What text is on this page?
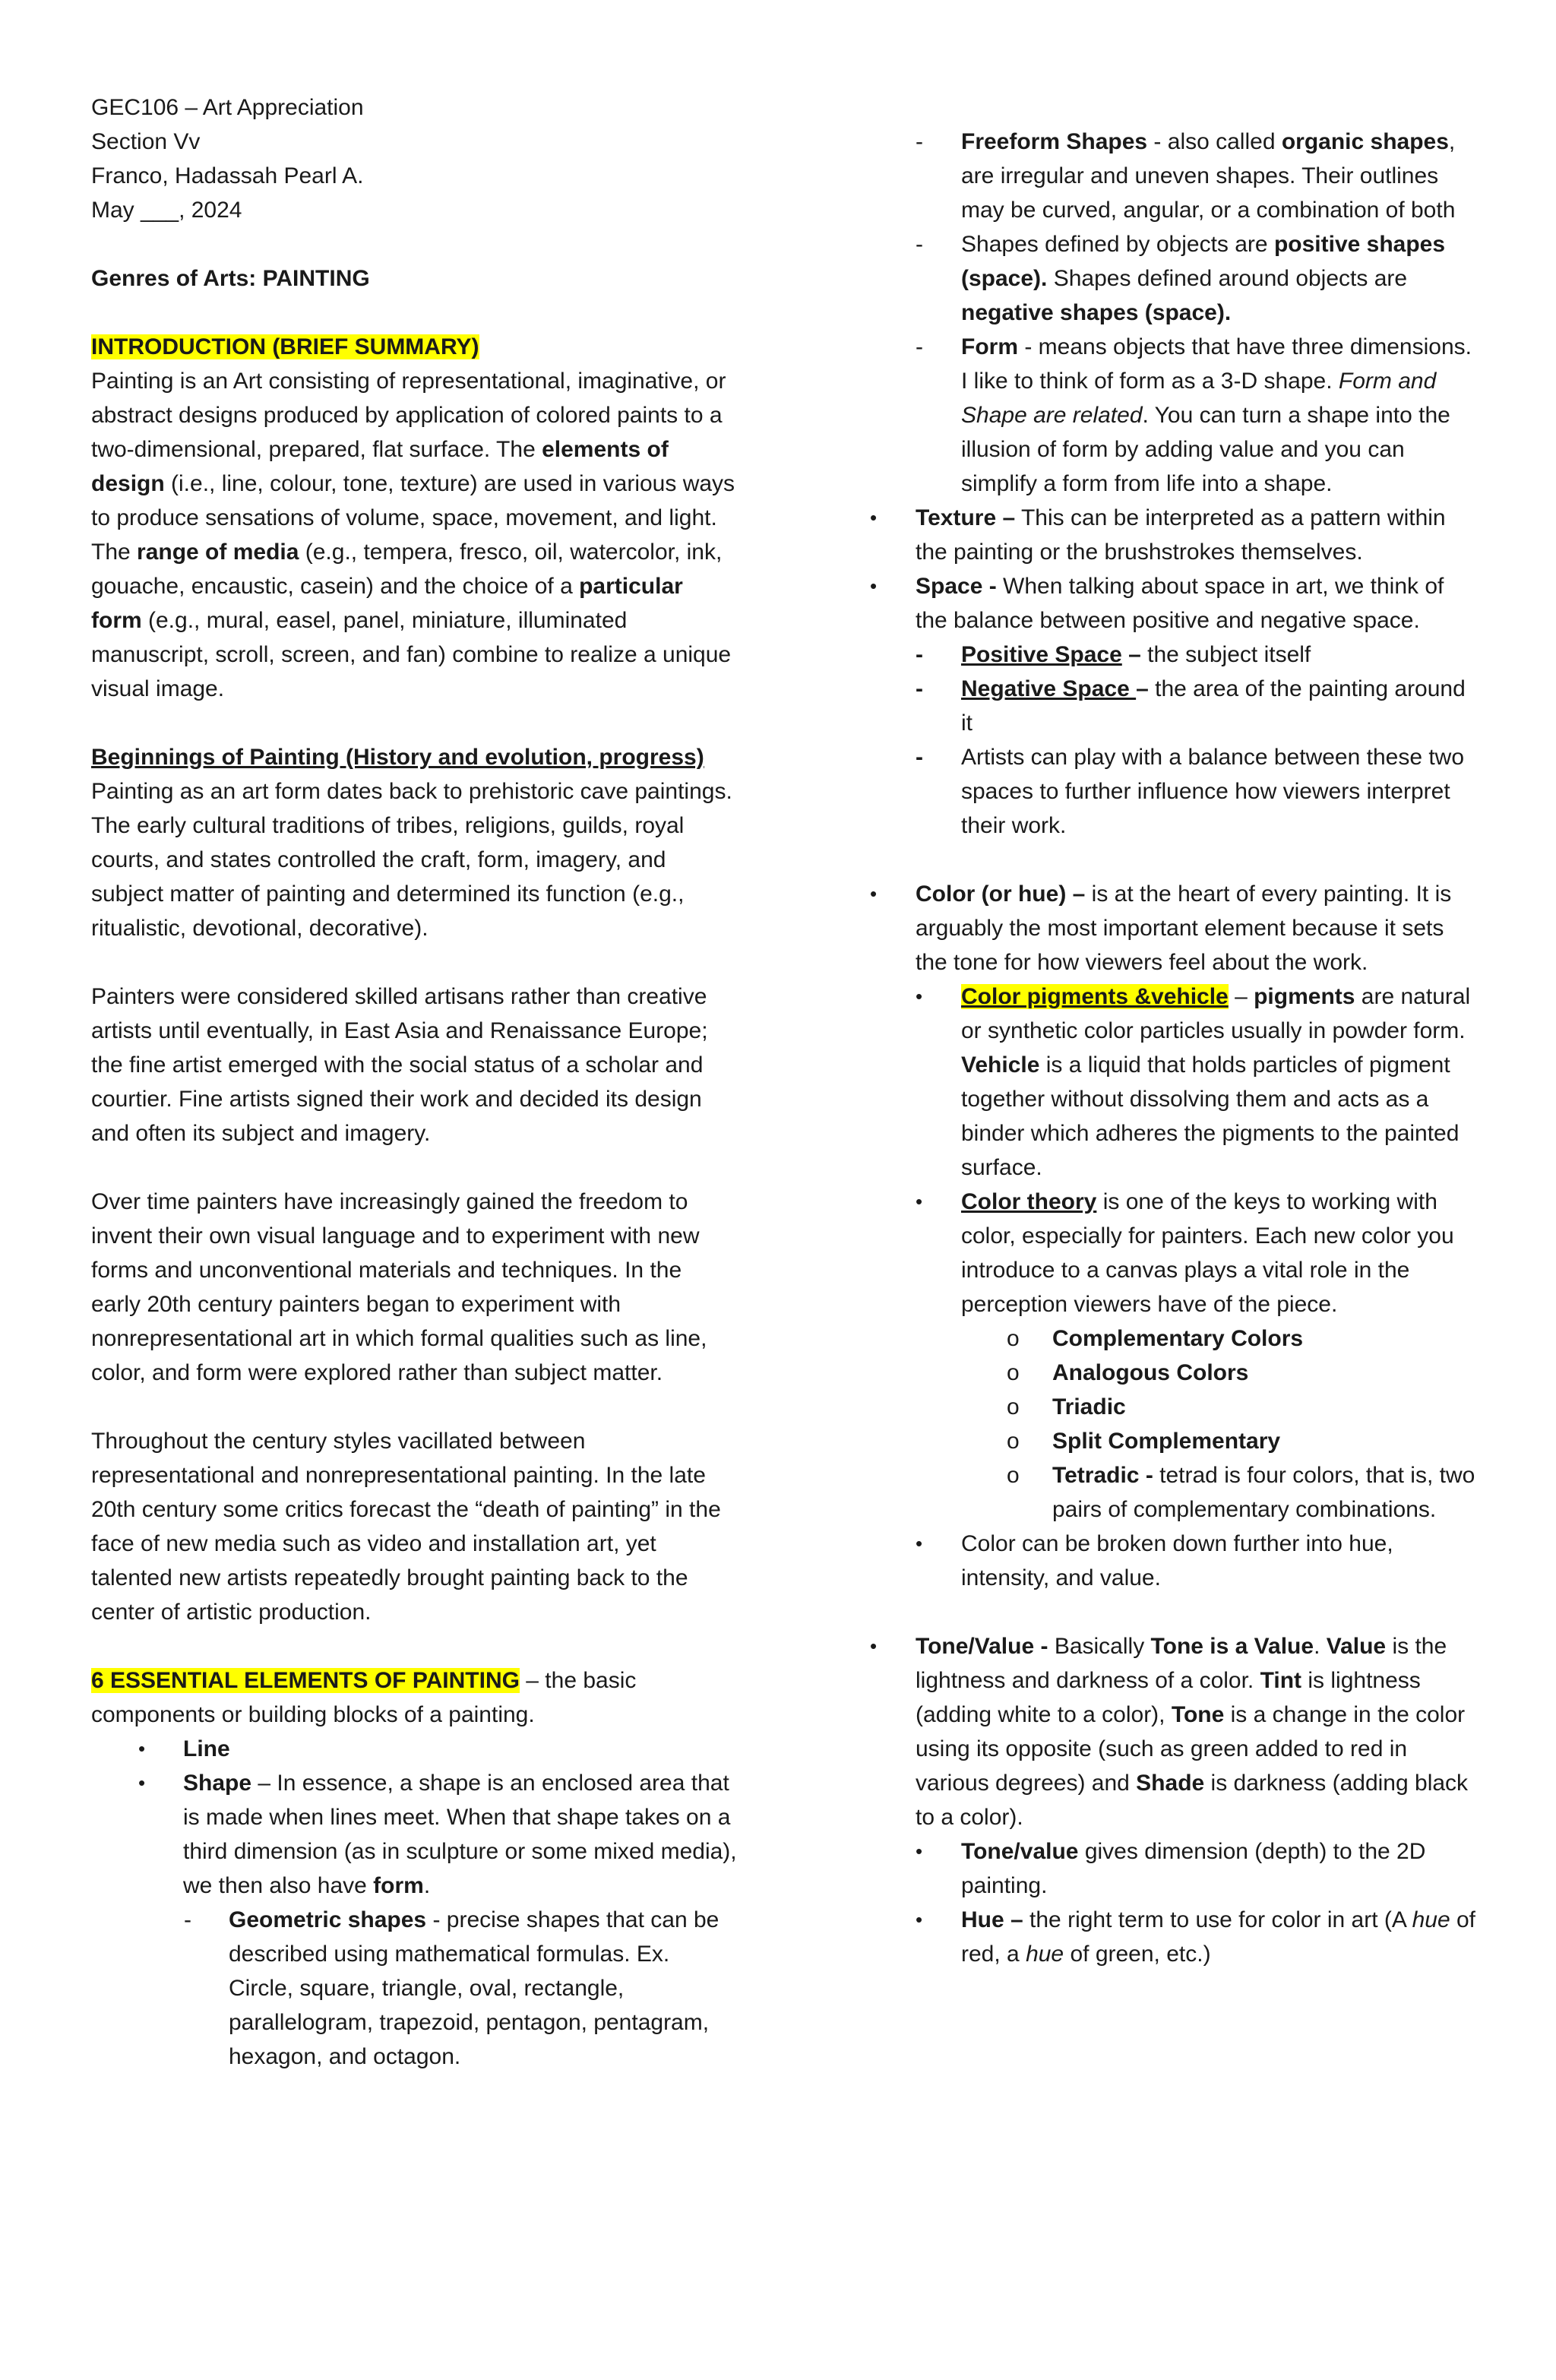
GEC106 – Art Appreciation

Section Vv

Franco, Hadassah Pearl A.

May ___, 2024

Genres of Arts: PAINTING

INTRODUCTION (BRIEF SUMMARY)

Painting is an Art consisting of representational, imaginative, or abstract designs produced by application of colored paints to a two-dimensional, prepared, flat surface. The elements of design (i.e., line, colour, tone, texture) are used in various ways to produce sensations of volume, space, movement, and light. The range of media (e.g., tempera, fresco, oil, watercolor, ink, gouache, encaustic, casein) and the choice of a particular form (e.g., mural, easel, panel, miniature, illuminated manuscript, scroll, screen, and fan) combine to realize a unique visual image.

Beginnings of Painting (History and evolution, progress)

Painting as an art form dates back to prehistoric cave paintings. The early cultural traditions of tribes, religions, guilds, royal courts, and states controlled the craft, form, imagery, and subject matter of painting and determined its function (e.g., ritualistic, devotional, decorative).

Painters were considered skilled artisans rather than creative artists until eventually, in East Asia and Renaissance Europe; the fine artist emerged with the social status of a scholar and courtier. Fine artists signed their work and decided its design and often its subject and imagery.

Over time painters have increasingly gained the freedom to invent their own visual language and to experiment with new forms and unconventional materials and techniques. In the early 20th century painters began to experiment with nonrepresentational art in which formal qualities such as line, color, and form were explored rather than subject matter.

Throughout the century styles vacillated between representational and nonrepresentational painting. In the late 20th century some critics forecast the “death of painting” in the face of new media such as video and installation art, yet talented new artists repeatedly brought painting back to the center of artistic production.

6 ESSENTIAL ELEMENTS OF PAINTING – the basic components or building blocks of a painting.

• Line
• Shape – In essence, a shape is an enclosed area that is made when lines meet. When that shape takes on a third dimension (as in sculpture or some mixed media), we then also have form.
- Geometric shapes - precise shapes that can be described using mathematical formulas. Ex. Circle, square, triangle, oval, rectangle, parallelogram, trapezoid, pentagon, pentagram, hexagon, and octagon.
- Freeform Shapes - also called organic shapes, are irregular and uneven shapes. Their outlines may be curved, angular, or a combination of both
- Shapes defined by objects are positive shapes (space). Shapes defined around objects are negative shapes (space).
- Form - means objects that have three dimensions. I like to think of form as a 3-D shape. Form and Shape are related. You can turn a shape into the illusion of form by adding value and you can simplify a form from life into a shape.
• Texture – This can be interpreted as a pattern within the painting or the brushstrokes themselves.
• Space - When talking about space in art, we think of the balance between positive and negative space.
- Positive Space – the subject itself
- Negative Space – the area of the painting around it
- Artists can play with a balance between these two spaces to further influence how viewers interpret their work.
• Color (or hue) – is at the heart of every painting. It is arguably the most important element because it sets the tone for how viewers feel about the work.
• Color pigments &vehicle – pigments are natural or synthetic color particles usually in powder form. Vehicle is a liquid that holds particles of pigment together without dissolving them and acts as a binder which adheres the pigments to the painted surface.
• Color theory is one of the keys to working with color, especially for painters. Each new color you introduce to a canvas plays a vital role in the perception viewers have of the piece.
o Complementary Colors
o Analogous Colors
o Triadic
o Split Complementary
o Tetradic - tetrad is four colors, that is, two pairs of complementary combinations.
• Color can be broken down further into hue, intensity, and value.
• Tone/Value - Basically Tone is a Value. Value is the lightness and darkness of a color. Tint is lightness (adding white to a color), Tone is a change in the color using its opposite (such as green added to red in various degrees) and Shade is darkness (adding black to a color).
• Tone/value gives dimension (depth) to the 2D painting.
• Hue – the right term to use for color in art (A hue of red, a hue of green, etc.)
